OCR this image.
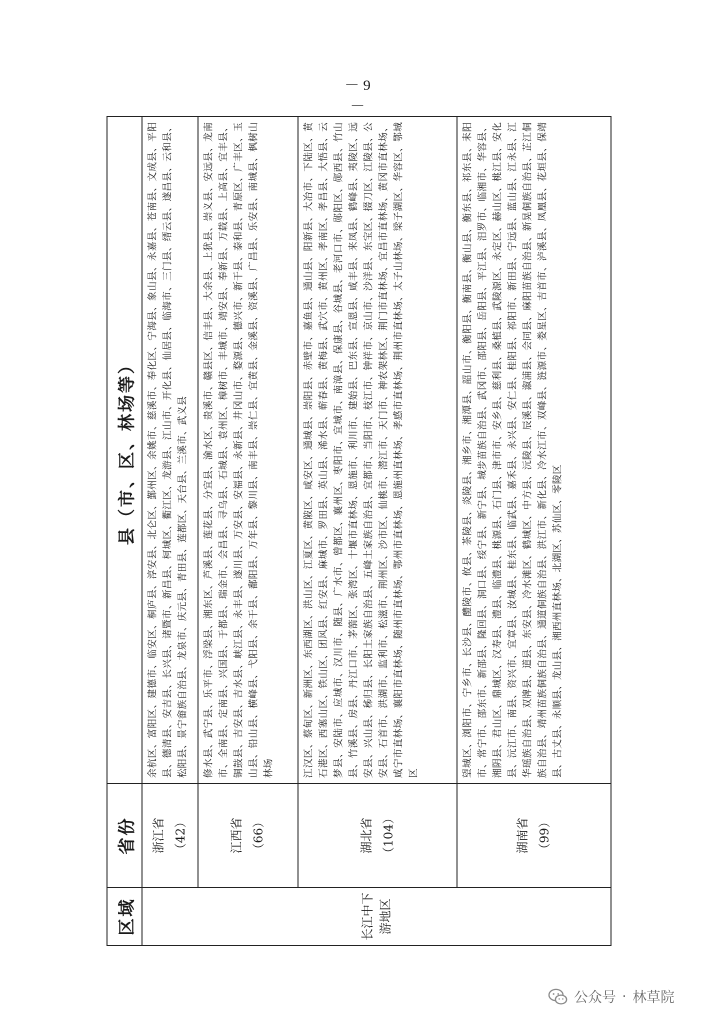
区域	省份	县（市、区、林场等）
长江中下游地区	浙江省 （42）	余杭区、富阳区、建德市、临安区、桐庐县、淳安县、北仑区、鄞州区、余姚市、慈溪市、奉化区、宁海县、象山县、永嘉县、苍南县、文成县、平阳县、德清县、安吉县、长兴县、诸暨市、新昌县、柯城区、衢江区、龙游县、江山市、开化县、仙居县、临海市、三门县、缙云县、遂昌县、云和县、松阳县、景宁畲族自治县、龙泉市、庆元县、青田县、莲都区、天台县、兰溪市、武义县

	江西省 （66）	修水县、武宁县、乐平市、浮梁县、湘东区、芦溪县、莲花县、分宜县、渝水区、贵溪市、赣县区、信丰县、大余县、上犹县、崇义县、安远县、龙南市、全南县、定南县、兴国县、于都县、瑞金市、会昌县、寻乌县、石城县、袁州区、樟树市、丰城市、靖安县、奉新县、万载县、上高县、宜丰县、铜鼓县、吉安县、吉水县、峡江县、永丰县、遂川县、万安县、安福县、永新县、井冈山市、婺源县、德兴市、新干县、泰和县、青原区、广丰区、玉山县、铅山县、横峰县、弋阳县、余干县、鄱阳县、万年县、黎川县、南丰县、崇仁县、宜黄县、金溪县、资溪县、广昌县、乐安县、南城县、枫树山林场

	湖北省 （104）	江汉区、蔡甸区、新洲区、东西湖区、洪山区、江夏区、黄陂区、咸安区、通城县、崇阳县、赤壁市、嘉鱼县、通山县、阳新县、大冶市、下陆区、黄石港区、西塞山区、铁山区、团风县、红安县、麻城市、罗田县、英山县、浠水县、蕲春县、黄梅县、武穴市、黄州区、孝南区、孝昌县、大悟县、云梦县、安陆市、应城市、汉川市、随县、广水市、曾都区、襄州区、枣阳市、宜城市、南漳县、保康县、谷城县、老河口市、郧阳区、郧西县、竹山县、竹溪县、房县、丹江口市、茅箭区、张湾区、十堰市直林场、恩施市、利川市、建始县、巴东县、宣恩县、咸丰县、来凤县、鹤峰县、夷陵区、远安县、兴山县、秭归县、长阳土家族自治县、五峰土家族自治县、宜都市、当阳市、枝江市、钟祥市、京山市、沙洋县、东宝区、掇刀区、江陵县、公安县、石首市、洪湖市、监利市、松滋市、荆州区、沙市区、仙桃市、潜江市、天门市、神农架林区、荆门市直林场、宜昌市直林场、黄冈市直林场、咸宁市直林场、襄阳市直林场、随州市直林场、鄂州市直林场、恩施州直林场、孝感市直林场、荆州市直林场、太子山林场、梁子湖区、华容区、鄂城区

	湖南省 （99）	望城区、浏阳市、宁乡市、长沙县、醴陵市、攸县、茶陵县、炎陵县、湘乡市、湘潭县、韶山市、衡阳县、衡南县、衡山县、衡东县、祁东县、耒阳市、常宁市、邵东市、新邵县、隆回县、洞口县、绥宁县、新宁县、城步苗族自治县、武冈市、邵阳县、岳阳县、平江县、汨罗市、临湘市、华容县、湘阴县、君山区、鼎城区、汉寿县、澧县、临澧县、桃源县、石门县、津市市、安乡县、慈利县、桑植县、武陵源区、永定区、赫山区、桃江县、安化县、沅江市、南县、资兴市、宜章县、汝城县、桂东县、临武县、嘉禾县、永兴县、安仁县、桂阳县、祁阳市、新田县、宁远县、蓝山县、江永县、江华瑶族自治县、双牌县、道县、东安县、冷水滩区、鹤城区、中方县、沅陵县、辰溪县、溆浦县、会同县、麻阳苗族自治县、新晃侗族自治县、芷江侗族自治县、靖州苗族侗族自治县、通道侗族自治县、洪江市、新化县、冷水江市、双峰县、涟源市、娄星区、吉首市、泸溪县、凤凰县、花垣县、保靖县、古丈县、永顺县、龙山县、湘西州直林场、北湖区、苏仙区、零陵区
－ 9 －
公众号 · 林草院
